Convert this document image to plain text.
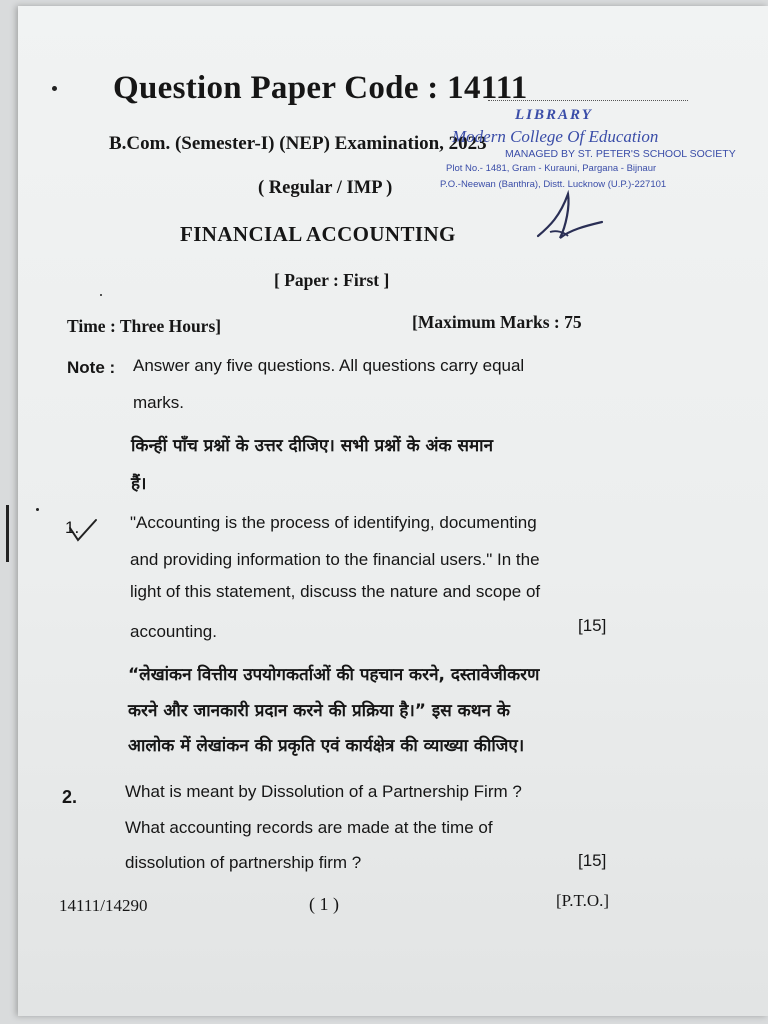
Question Paper Code : 14111
B.Com. (Semester-I) (NEP) Examination, 2023
( Regular / IMP )
FINANCIAL ACCOUNTING
[ Paper : First ]
Time : Three Hours]	[Maximum Marks : 75
LIBRARY
Modern College Of Education
MANAGED BY ST. PETER'S SCHOOL SOCIETY
Plot No.- 1481, Gram - Kurauni, Pargana - Bijnaur
P.O.-Neewan (Banthra), Distt. Lucknow (U.P.)-227101
Note : Answer any five questions. All questions carry equal
marks.
किन्हीं पाँच प्रश्नों के उत्तर दीजिए। सभी प्रश्नों के अंक समान
हैं।
1.	"Accounting is the process of identifying, documenting
and providing information to the financial users." In the
light of this statement, discuss the nature and scope of
accounting.	[15]
“लेखांकन वित्तीय उपयोगकर्ताओं की पहचान करने, दस्तावेजीकरण
करने और जानकारी प्रदान करने की प्रक्रिया है।” इस कथन के
आलोक में लेखांकन की प्रकृति एवं कार्यक्षेत्र की व्याख्या कीजिए।
2.	What is meant by Dissolution of a Partnership Firm ?
What accounting records are made at the time of
dissolution of partnership firm ?	[15]
14111/14290	( 1 )	[P.T.O.]
